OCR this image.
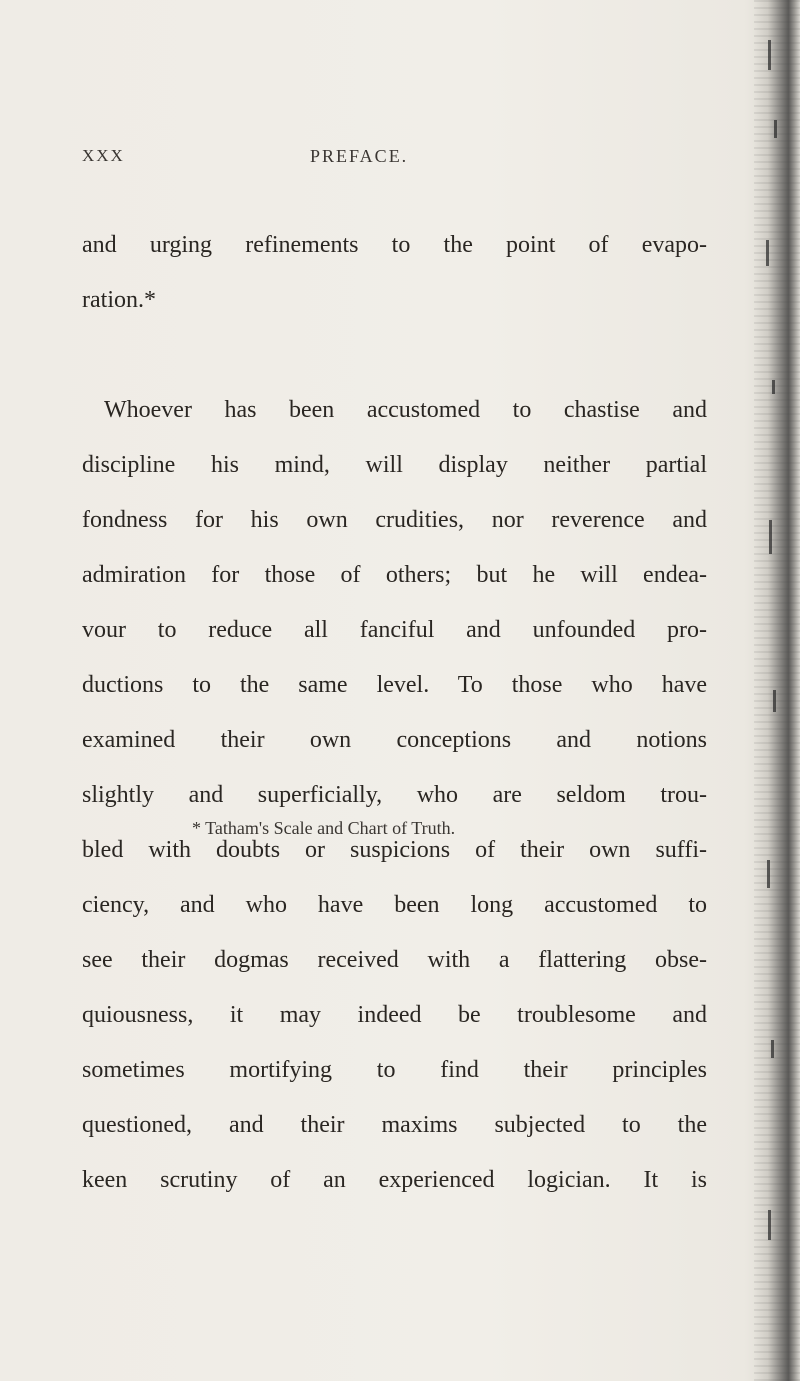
XXX	PREFACE.
and urging refinements to the point of evapo-
ration.*
Whoever has been accustomed to chastise and
discipline his mind, will display neither partial
fondness for his own crudities, nor reverence and
admiration for those of others; but he will endea-
vour to reduce all fanciful and unfounded pro-
ductions to the same level. To those who have
examined their own conceptions and notions
slightly and superficially, who are seldom trou-
bled with doubts or suspicions of their own suffi-
ciency, and who have been long accustomed to
see their dogmas received with a flattering obse-
quiousness, it may indeed be troublesome and
sometimes mortifying to find their principles
questioned, and their maxims subjected to the
keen scrutiny of an experienced logician. It is
* Tatham's Scale and Chart of Truth.
